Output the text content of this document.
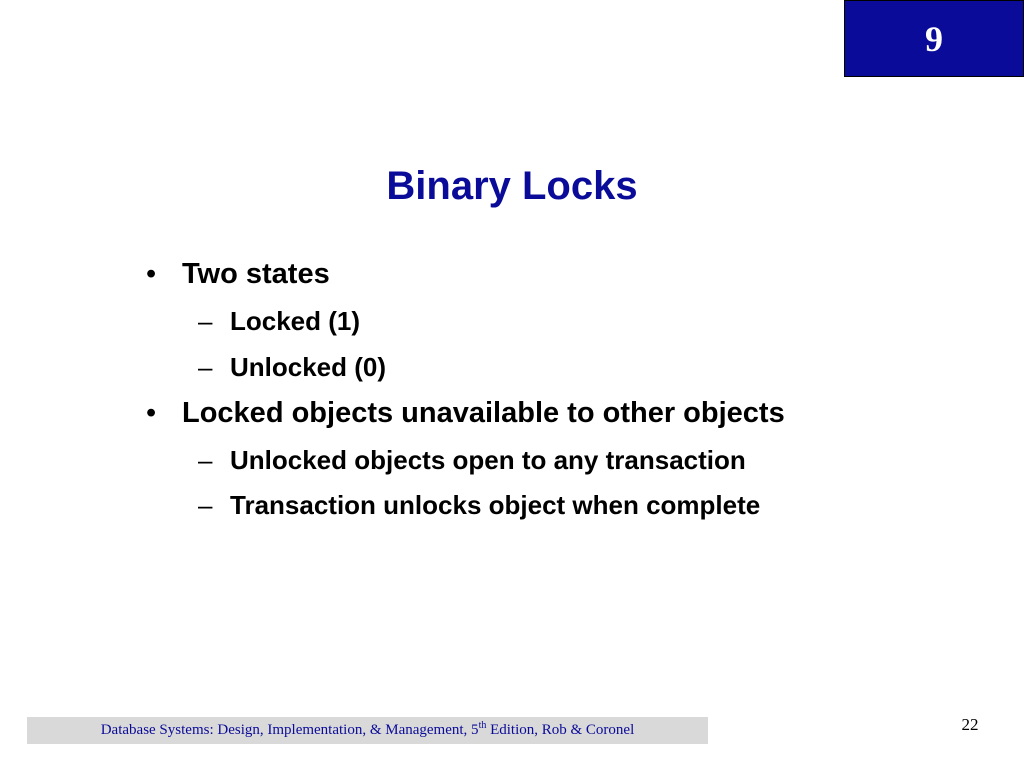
9
Binary Locks
• Two states
– Locked (1)
– Unlocked (0)
• Locked objects unavailable to other objects
– Unlocked objects open to any transaction
– Transaction unlocks object when complete
Database Systems: Design, Implementation, & Management, 5th Edition, Rob & Coronel	22
